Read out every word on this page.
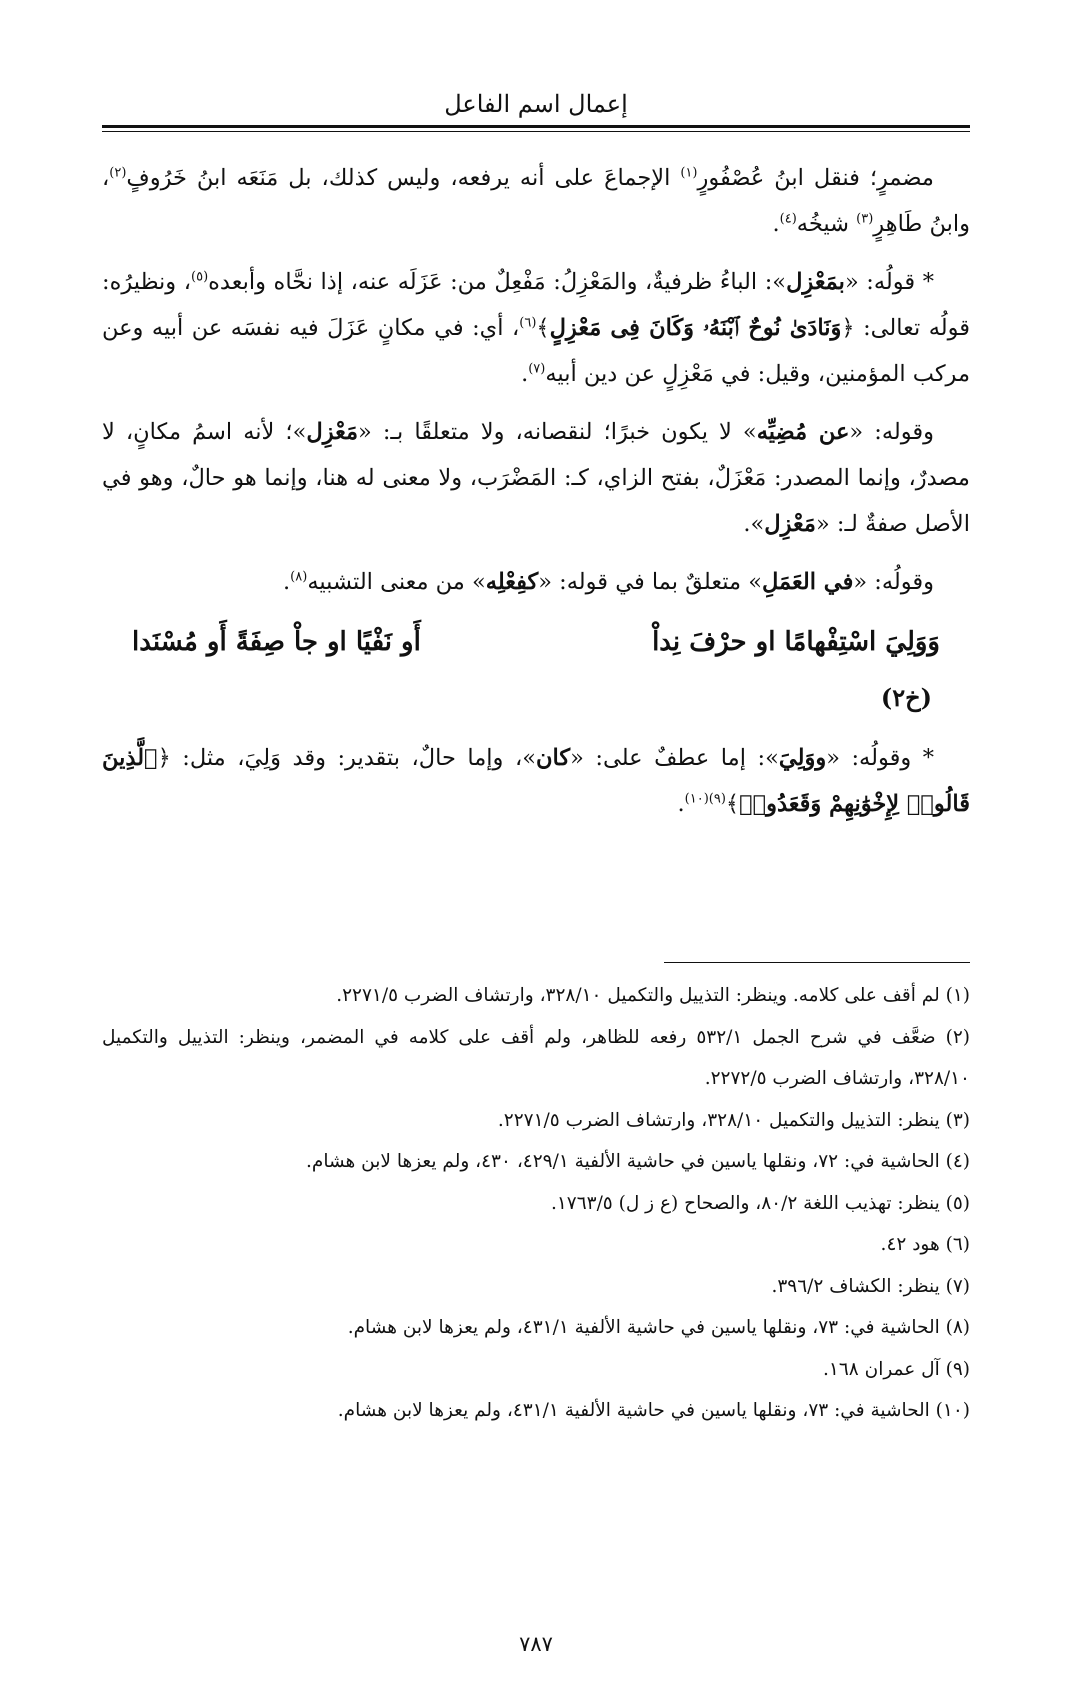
إعمال اسم الفاعل

مضمرٍ؛ فنقل ابنُ عُصْفُورٍ$^{(١)}$ الإجماعَ على أنه يرفعه، وليس كذلك، بل مَنَعَه ابنُ خَرُوفٍ$^{(٢)}$، وابنُ طَاهِرٍ$^{(٣)}$ شيخُه$^{(٤)}$.

* قولُه: «بمَعْزِل»: الباءُ ظرفيةٌ، والمَعْزِلُ: مَفْعِلٌ من: عَزَلَه عنه، إذا نحَّاه وأبعده$^{(٥)}$، ونظيرُه: قولُه تعالى: ﴿وَنَادَىٰ نُوحٌ ٱبْنَهُۥ وَكَانَ فِى مَعْزِلٍ﴾$^{(٦)}$، أي: في مكانٍ عَزَلَ فيه نفسَه عن أبيه وعن مركب المؤمنين، وقيل: في مَعْزِلٍ عن دين أبيه$^{(٧)}$.

وقوله: «عن مُضِيِّه» لا يكون خبرًا؛ لنقصانه، ولا متعلقًا بـ: «مَعْزِل»؛ لأنه اسمُ مكانٍ، لا مصدرٌ، وإنما المصدر: مَعْزَلٌ، بفتح الزاي، كـ: المَضْرَب، ولا معنى له هنا، وإنما هو حالٌ، وهو في الأصل صفةٌ لـ: «مَعْزِل».

وقولُه: «في العَمَلِ» متعلقٌ بما في قوله: «كفِعْلِه» من معنى التشبيه$^{(٨)}$.

وَوَلِيَ اسْتِفْهامًا او حرْفَ نِداْ
أَو نَفْيًا او جاْ صِفَةً أَو مُسْنَدا
(خ٢)

* وقولُه: «ووَلِيَ»: إما عطفٌ على: «كان»، وإما حالٌ، بتقدير: وقد وَلِيَ، مثل: ﴿ٱلَّذِينَ قَالُوا۟ لِإِخْوَٰنِهِمْ وَقَعَدُوا۟﴾$^{(٩)(١٠)}$.

(١) لم أقف على كلامه. وينظر: التذييل والتكميل ٣٢٨/١٠، وارتشاف الضرب ٢٢٧١/٥.

(٢) ضعَّف في شرح الجمل ٥٣٢/١ رفعه للظاهر، ولم أقف على كلامه في المضمر، وينظر: التذييل والتكميل ٣٢٨/١٠، وارتشاف الضرب ٢٢٧٢/٥.

(٣) ينظر: التذييل والتكميل ٣٢٨/١٠، وارتشاف الضرب ٢٢٧١/٥.

(٤) الحاشية في: ٧٢، ونقلها ياسين في حاشية الألفية ٤٢٩/١، ٤٣٠، ولم يعزها لابن هشام.

(٥) ينظر: تهذيب اللغة ٨٠/٢، والصحاح (ع ز ل) ١٧٦٣/٥.

(٦) هود ٤٢.

(٧) ينظر: الكشاف ٣٩٦/٢.

(٨) الحاشية في: ٧٣، ونقلها ياسين في حاشية الألفية ٤٣١/١، ولم يعزها لابن هشام.

(٩) آل عمران ١٦٨.

(١٠) الحاشية في: ٧٣، ونقلها ياسين في حاشية الألفية ٤٣١/١، ولم يعزها لابن هشام.

٧٨٧
